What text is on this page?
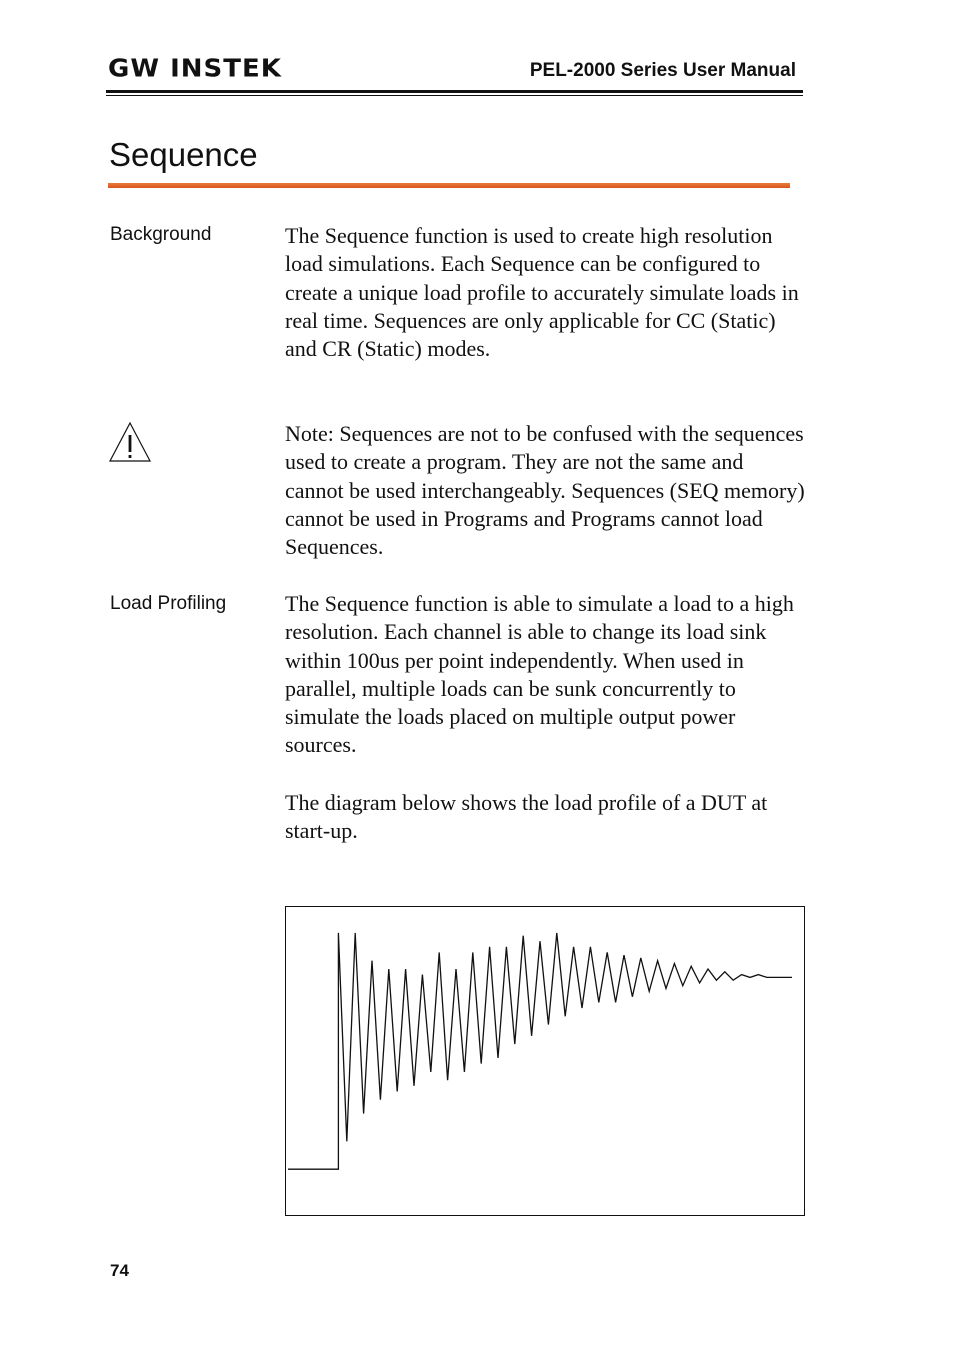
GW INSTEK	PEL-2000 Series User Manual
Sequence
Background	The Sequence function is used to create high resolution load simulations. Each Sequence can be configured to create a unique load profile to accurately simulate loads in real time. Sequences are only applicable for CC (Static) and CR (Static) modes.
Note: Sequences are not to be confused with the sequences used to create a program. They are not the same and cannot be used interchangeably. Sequences (SEQ memory) cannot be used in Programs and Programs cannot load Sequences.
Load Profiling	The Sequence function is able to simulate a load to a high resolution. Each channel is able to change its load sink within 100us per point independently. When used in parallel, multiple loads can be sunk concurrently to simulate the loads placed on multiple output power sources.
The diagram below shows the load profile of a DUT at start-up.
74
